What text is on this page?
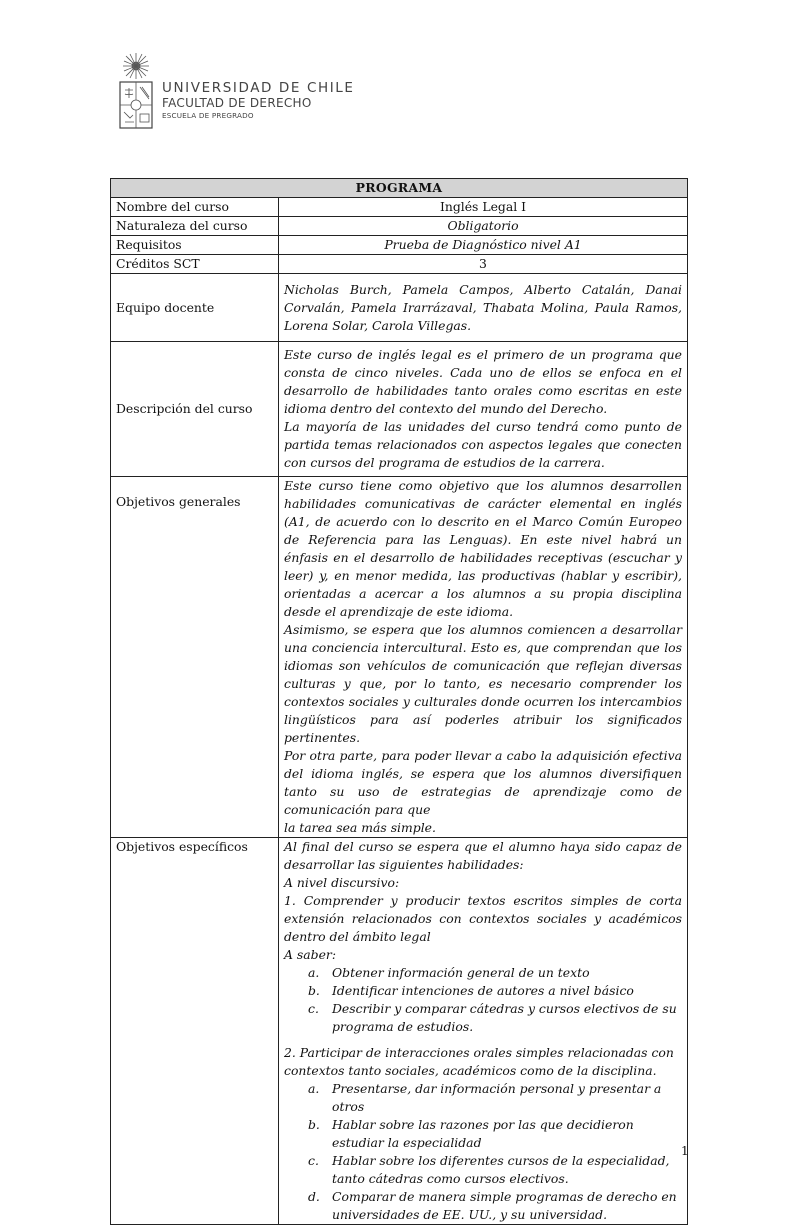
UNIVERSIDAD DE CHILE
FACULTAD DE DERECHO
ESCUELA DE PREGRADO
PROGRAMA	
Nombre del curso	Inglés Legal I
Naturaleza del curso	Obligatorio
Requisitos	Prueba de Diagnóstico nivel A1
Créditos SCT	3
Equipo docente	Nicholas Burch, Pamela Campos, Alberto Catalán, Danai Corvalán, Pamela Irarrázaval, Thabata Molina, Paula Ramos, Lorena Solar, Carola Villegas.
Descripción del curso	Este curso de inglés legal es el primero de un programa que consta de cinco niveles. Cada uno de ellos se enfoca en el desarrollo de habilidades tanto orales como escritas en este idioma dentro del contexto del mundo del Derecho.
La mayoría de las unidades del curso tendrá como punto de partida temas relacionados con aspectos legales que conecten con cursos del programa de estudios de la carrera.

Objetivos generales	Este curso tiene como objetivo que los alumnos desarrollen habilidades comunicativas de carácter elemental en inglés (A1, de acuerdo con lo descrito en el Marco Común Europeo de Referencia para las Lenguas). En este nivel habrá un énfasis en el desarrollo de habilidades receptivas (escuchar y leer) y, en menor medida, las productivas (hablar y escribir), orientadas a acercar a los alumnos a su propia disciplina desde el aprendizaje de este idioma.
Asimismo, se espera que los alumnos comiencen a desarrollar una conciencia intercultural. Esto es, que comprendan que los idiomas son vehículos de comunicación que reflejan diversas culturas y que, por lo tanto, es necesario comprender los contextos sociales y culturales donde ocurren los intercambios lingüísticos para así poderles atribuir los significados pertinentes.
Por otra parte, para poder llevar a cabo la adquisición efectiva del idioma inglés, se espera que los alumnos diversifiquen tanto su uso de estrategias de aprendizaje como de comunicación para que
la tarea sea más simple.

Objetivos específicos	Al final del curso se espera que el alumno haya sido capaz de desarrollar las siguientes habilidades:
A nivel discursivo:
1. Comprender y producir textos escritos simples de corta extensión relacionados con contextos sociales y académicos dentro del ámbito legal
A saber:
a. Obtener información general de un texto
b. Identificar intenciones de autores a nivel básico
c. Describir y comparar cátedras y cursos electivos de su programa de estudios.
2. Participar de interacciones orales simples relacionadas con contextos tanto sociales, académicos como de la disciplina.
a. Presentarse, dar información personal y presentar a otros
b. Hablar sobre las razones por las que decidieron estudiar la especialidad
c. Hablar sobre los diferentes cursos de la especialidad, tanto cátedras como cursos electivos.
d. Comparar de manera simple programas de derecho en universidades de EE. UU., y su universidad.
1
